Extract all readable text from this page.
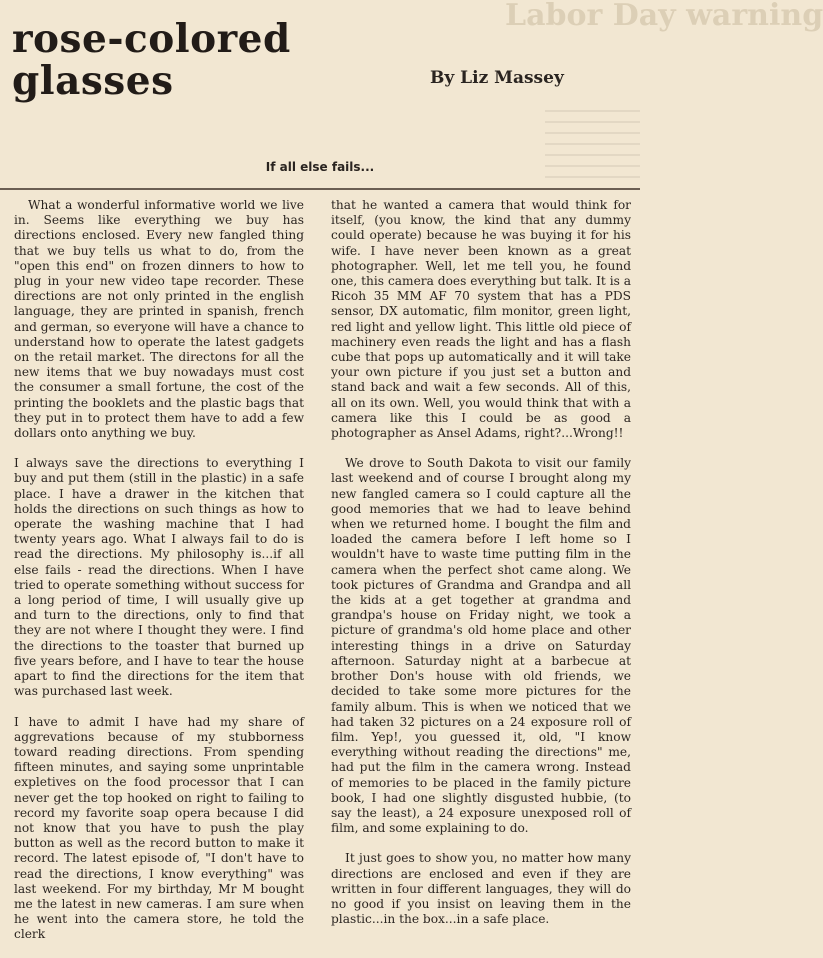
Labor Day warning
rose-colored
glasses	By Liz Massey
If all else fails...

What a wonderful informative world we live in. Seems like everything we buy has directions enclosed. Every new fangled thing that we buy tells us what to do, from the "open this end" on frozen dinners to how to plug in your new video tape recorder. These directions are not only printed in the english language, they are printed in spanish, french and german, so everyone will have a chance to understand how to operate the latest gadgets on the retail market. The directons for all the new items that we buy nowadays must cost the consumer a small fortune, the cost of the printing the booklets and the plastic bags that they put in to protect them have to add a few dollars onto anything we buy.

I always save the directions to everything I buy and put them (still in the plastic) in a safe place. I have a drawer in the kitchen that holds the directions on such things as how to operate the washing machine that I had twenty years ago. What I always fail to do is read the directions. My philosophy is...if all else fails - read the directions. When I have tried to operate something without success for a long period of time, I will usually give up and turn to the directions, only to find that they are not where I thought they were. I find the directions to the toaster that burned up five years before, and I have to tear the house apart to find the directions for the item that was purchased last week.

I have to admit I have had my share of aggrevations because of my stubborness toward reading directions. From spending fifteen minutes, and saying some unprintable expletives on the food processor that I can never get the top hooked on right to failing to record my favorite soap opera because I did not know that you have to push the play button as well as the record button to make it record. The latest episode of, "I don't have to read the directions, I know everything" was last weekend. For my birthday, Mr M bought me the latest in new cameras. I am sure when he went into the camera store, he told the clerk

that he wanted a camera that would think for itself, (you know, the kind that any dummy could operate) because he was buying it for his wife. I have never been known as a great photographer. Well, let me tell you, he found one, this camera does everything but talk. It is a Ricoh 35 MM AF 70 system that has a PDS sensor, DX automatic, film monitor, green light, red light and yellow light. This little old piece of machinery even reads the light and has a flash cube that pops up automatically and it will take your own picture if you just set a button and stand back and wait a few seconds. All of this, all on its own. Well, you would think that with a camera like this I could be as good a photographer as Ansel Adams, right?...Wrong!!

We drove to South Dakota to visit our family last weekend and of course I brought along my new fangled camera so I could capture all the good memories that we had to leave behind when we returned home. I bought the film and loaded the camera before I left home so I wouldn't have to waste time putting film in the camera when the perfect shot came along. We took pictures of Grandma and Grandpa and all the kids at a get together at grandma and grandpa's house on Friday night, we took a picture of grandma's old home place and other interesting things in a drive on Saturday afternoon. Saturday night at a barbecue at brother Don's house with old friends, we decided to take some more pictures for the family album. This is when we noticed that we had taken 32 pictures on a 24 exposure roll of film. Yep!, you guessed it, old, "I know everything without reading the directions" me, had put the film in the camera wrong. Instead of memories to be placed in the family picture book, I had one slightly disgusted hubbie, (to say the least), a 24 exposure unexposed roll of film, and some explaining to do.

It just goes to show you, no matter how many directions are enclosed and even if they are written in four different languages, they will do no good if you insist on leaving them in the plastic...in the box...in a safe place.
